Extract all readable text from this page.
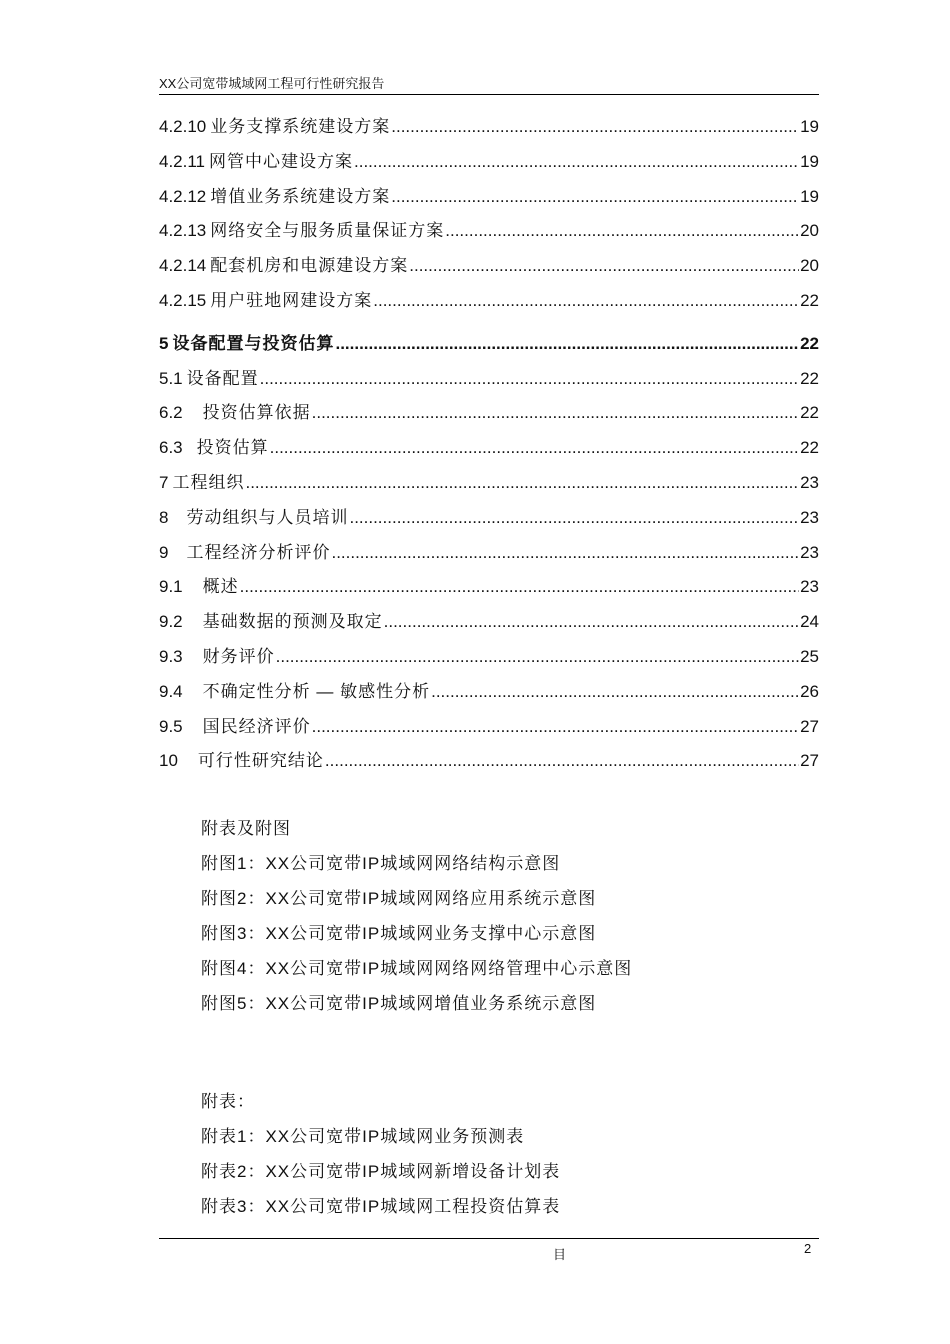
XX公司宽带城域网工程可行性研究报告
4.2.10 业务支撑系统建设方案 .....	19
4.2.11 网管中心建设方案 .....	19
4.2.12 增值业务系统建设方案 .....	19
4.2.13 网络安全与服务质量保证方案 .....	20
4.2.14 配套机房和电源建设方案 .....	20
4.2.15 用户驻地网建设方案 .....	22
5 设备配置与投资估算 .....	22
5.1 设备配置 .....	22
6.2 投资估算依据 .....	22
6.3 投资估算 .....	22
7 工程组织 .....	23
8 劳动组织与人员培训 .....	23
9 工程经济分析评价 .....	23
9.1 概述 .....	23
9.2 基础数据的预测及取定 .....	24
9.3 财务评价 .....	25
9.4 不确定性分析 — 敏感性分析 .....	26
9.5 国民经济评价 .....	27
10 可行性研究结论 .....	27
附表及附图
附图1：XX公司宽带IP城域网网络结构示意图
附图2：XX公司宽带IP城域网网络应用系统示意图
附图3：XX公司宽带IP城域网业务支撑中心示意图
附图4：XX公司宽带IP城域网网络网络管理中心示意图
附图5：XX公司宽带IP城域网增值业务系统示意图
附表：
附表1：XX公司宽带IP城域网业务预测表
附表2：XX公司宽带IP城域网新增设备计划表
附表3：XX公司宽带IP城域网工程投资估算表
目	2
